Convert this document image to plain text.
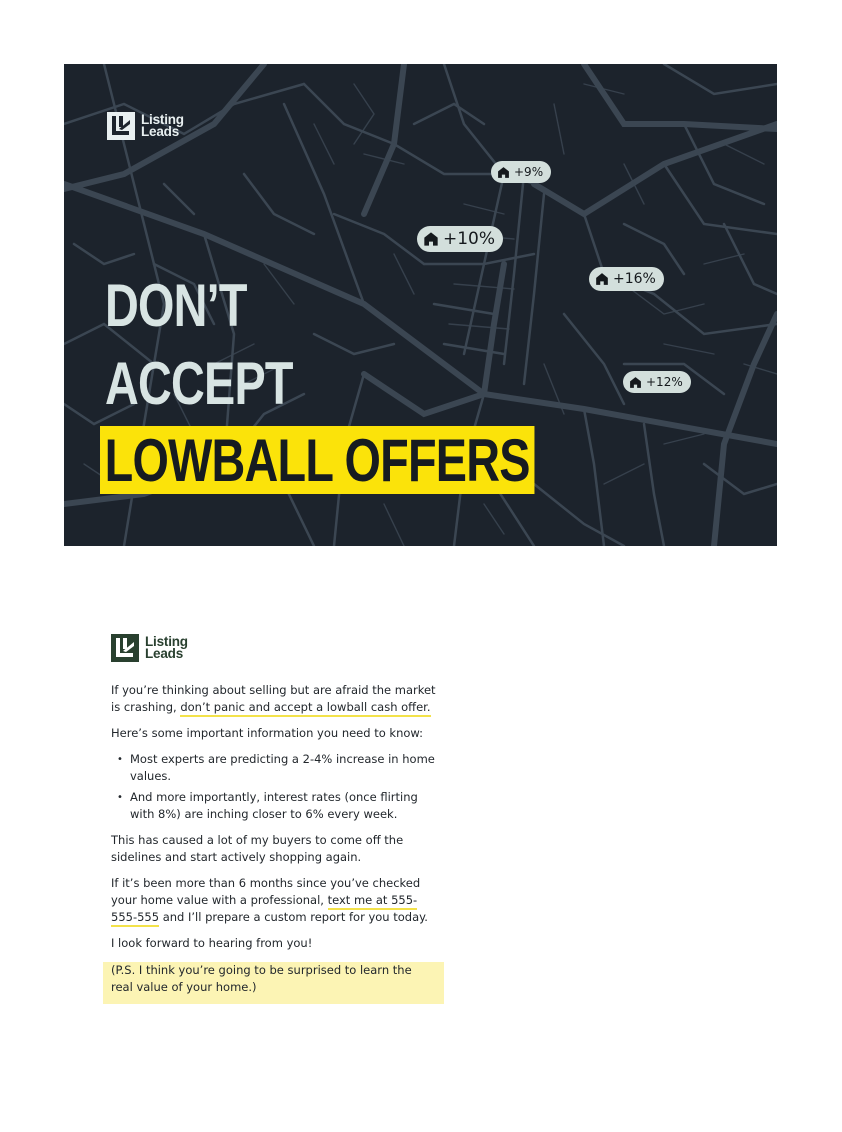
Listing
Leads
+9%
+10%
+16%
+12%
DON’T
ACCEPT
LOWBALL OFFERS
Listing
Leads

If you’re thinking about selling but are afraid the market is crashing, don’t panic and accept a lowball cash offer.

Here’s some important information you need to know:

• Most experts are predicting a 2-4% increase in home values.
• And more importantly, interest rates (once flirting with 8%) are inching closer to 6% every week.

This has caused a lot of my buyers to come off the sidelines and start actively shopping again.

If it’s been more than 6 months since you’ve checked your home value with a professional, text me at 555-555-555 and I’ll prepare a custom report for you today.

I look forward to hearing from you!

(P.S. I think you’re going to be surprised to learn the real value of your home.)
